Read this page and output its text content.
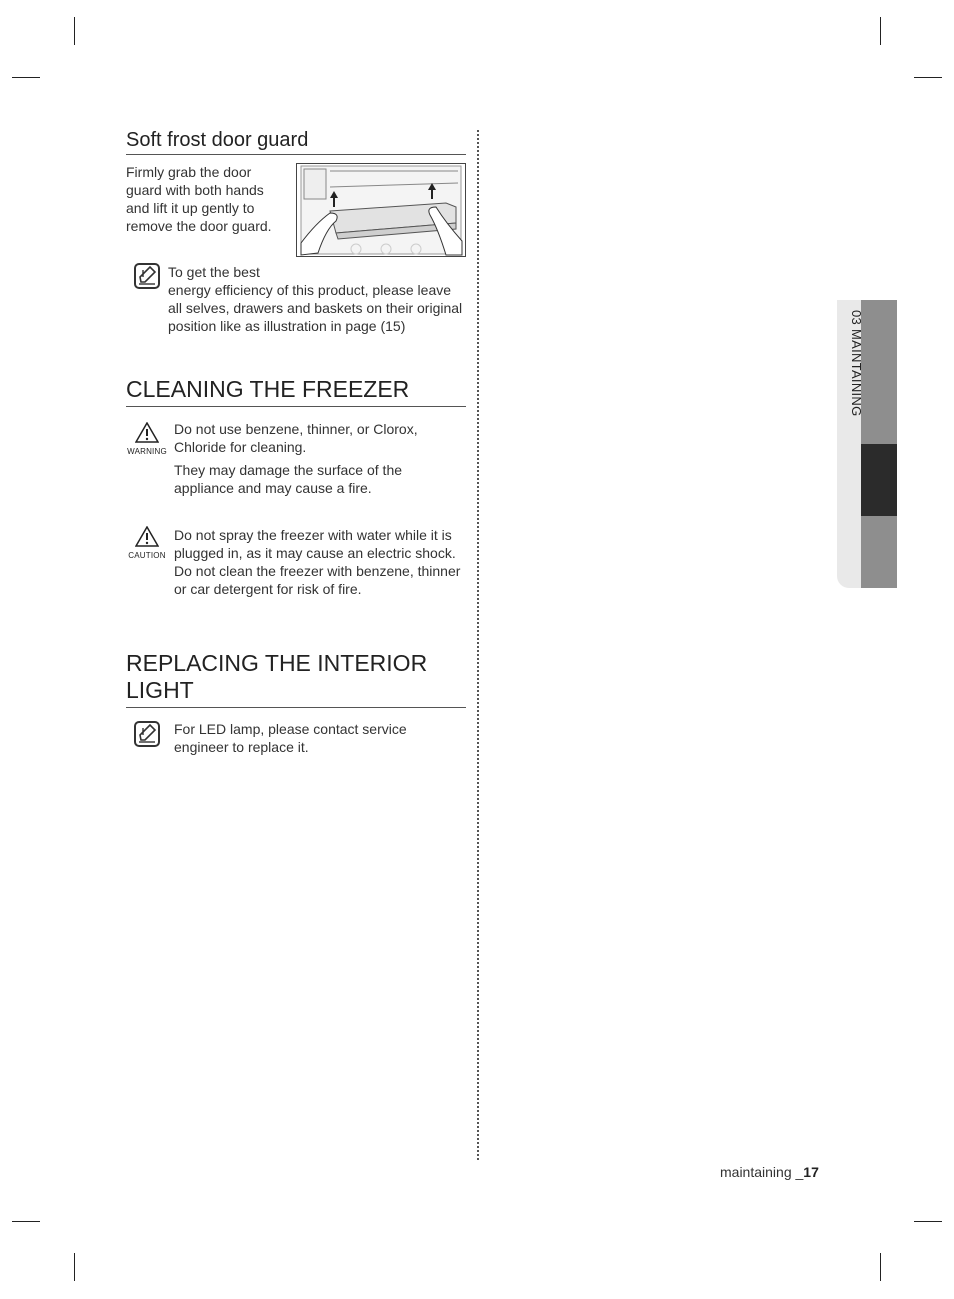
Soft frost door guard
Firmly grab the door guard with both hands and lift it up gently to remove the door guard.
To get the best
energy efficiency of this product, please leave all selves, drawers and baskets on their original position like as illustration in page (15)
CLEANING THE FREEZER
WARNING
Do not use benzene, thinner, or Clorox, Chloride for cleaning.
They may damage the surface of the appliance and may cause a fire.
CAUTION
Do not spray the freezer with water while it is plugged in, as it may cause an electric shock. Do not clean the freezer with benzene, thinner or car detergent for risk of fire.
REPLACING THE INTERIOR LIGHT
For LED lamp, please contact service engineer to replace it.
03 MAINTAINING
maintaining _17
